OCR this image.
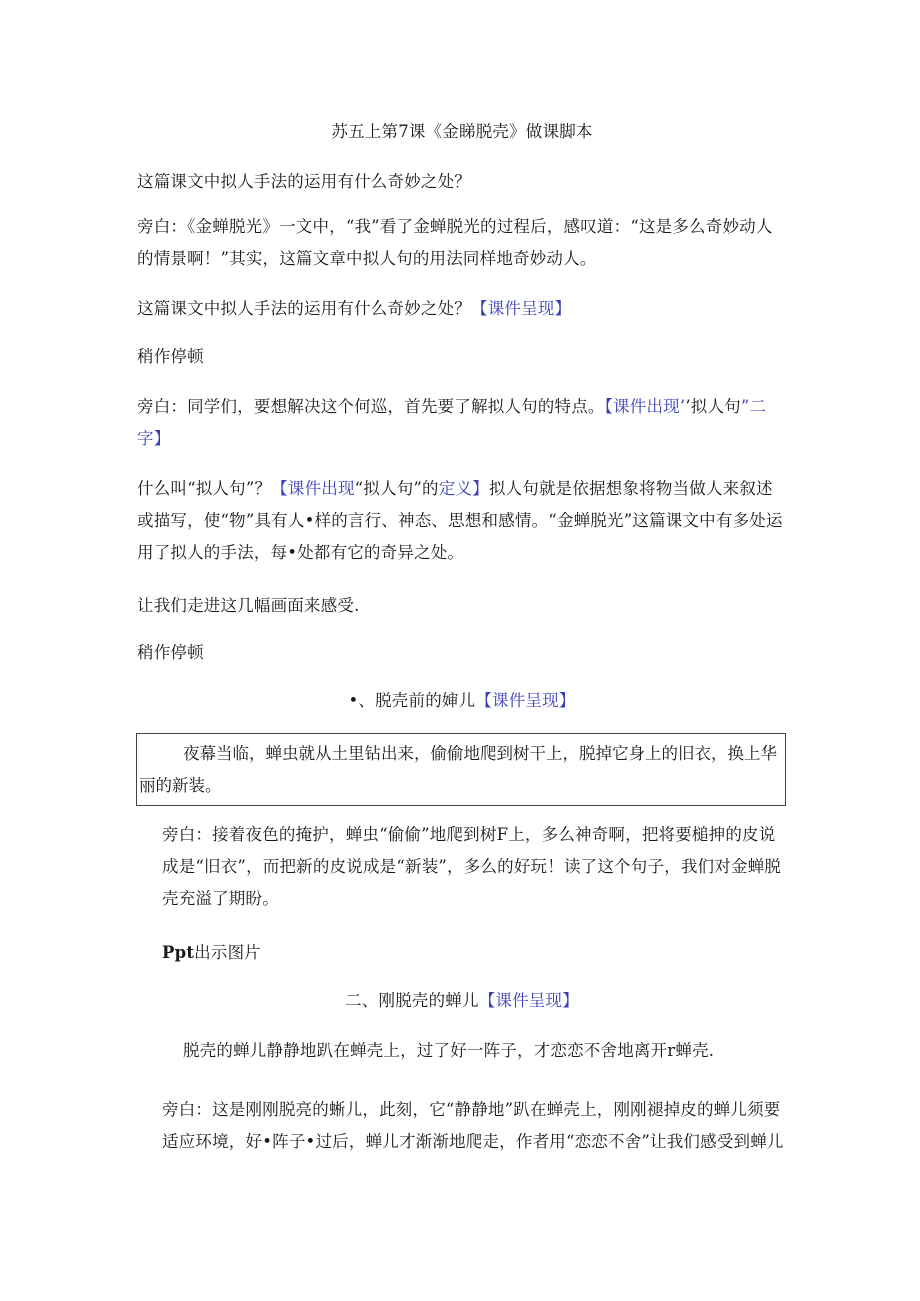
苏五上第7课《金睇脱壳》做课脚本
这篇课文中拟人手法的运用有什么奇妙之处？
旁白：《金蝉脱光》一文中，“我”看了金蝉脱光的过程后，感叹道：“这是多么奇妙动人的情景啊！”其实，这篇文章中拟人句的用法同样地奇妙动人。
这篇课文中拟人手法的运用有什么奇妙之处？【课件呈现】
稍作停顿
旁白：同学们，要想解决这个何巡，首先要了解拟人句的特点。【课件出现’’拟人句”二字】
什么叫“拟人句”？【课件出现“拟人句”的定义】拟人句就是依据想象将物当做人来叙述或描写，使“物”具有人•样的言行、神态、思想和感情。“金蝉脱光”这篇课文中有多处运用了拟人的手法，每•处都有它的奇异之处。
让我们走进这几幅画面来感受.
稍作停顿
•、脱壳前的婶儿【课件呈现】
夜幕当临，蝉虫就从土里钻出来，偷偷地爬到树干上，脱掉它身上的旧衣，换上华丽的新装。
旁白：接着夜色的掩护，蝉虫“偷偷”地爬到树F上，多么神奇啊，把将要槌抻的皮说成是“旧衣”，而把新的皮说成是“新装”，多么的好玩！读了这个句子，我们对金蝉脱壳充溢了期盼。
Ppt出示图片
二、刚脱壳的蝉儿【课件呈现】
脱壳的蝉儿静静地趴在蝉壳上，过了好一阵子，才恋恋不舍地离开r蝉壳.
旁白：这是刚刚脱亮的蜥儿，此刻，它“静静地”趴在蝉壳上，刚刚褪掉皮的蝉儿须要适应环境，好•阵子•过后，蝉儿才渐渐地爬走，作者用“恋恋不舍”让我们感受到蝉儿
